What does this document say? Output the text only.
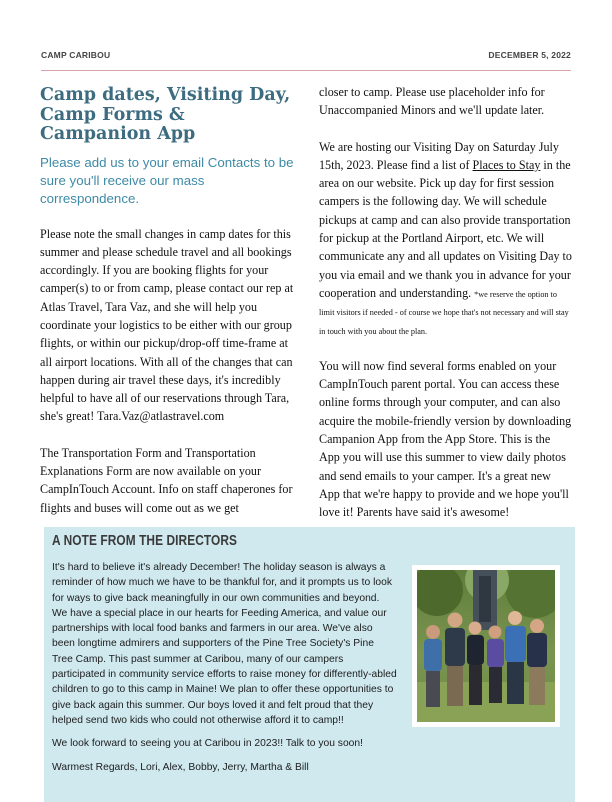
CAMP CARIBOU	DECEMBER 5, 2022
Camp dates, Visiting Day, Camp Forms & Campanion App

Please add us to your email Contacts to be sure you'll receive our mass correspondence.

Please note the small changes in camp dates for this summer and please schedule travel and all bookings accordingly. If you are booking flights for your camper(s) to or from camp, please contact our rep at Atlas Travel, Tara Vaz, and she will help you coordinate your logistics to be either with our group flights, or within our pickup/drop-off time-frame at all airport locations. With all of the changes that can happen during air travel these days, it's incredibly helpful to have all of our reservations through Tara, she's great! Tara.Vaz@atlastravel.com

The Transportation Form and Transportation Explanations Form are now available on your CampInTouch Account. Info on staff chaperones for flights and buses will come out as we get

closer to camp. Please use placeholder info for Unaccompanied Minors and we'll update later.

We are hosting our Visiting Day on Saturday July 15th, 2023. Please find a list of Places to Stay in the area on our website. Pick up day for first session campers is the following day. We will schedule pickups at camp and can also provide transportation for pickup at the Portland Airport, etc. We will communicate any and all updates on Visiting Day to you via email and we thank you in advance for your cooperation and understanding. *we reserve the option to limit visitors if needed - of course we hope that's not necessary and will stay in touch with you about the plan.

You will now find several forms enabled on your CampInTouch parent portal. You can access these online forms through your computer, and can also acquire the mobile-friendly version by downloading Campanion App from the App Store. This is the App you will use this summer to view daily photos and send emails to your camper. It's a great new App that we're happy to provide and we hope you'll love it! Parents have said it's awesome!

A NOTE FROM THE DIRECTORS

It's hard to believe it's already December! The holiday season is always a reminder of how much we have to be thankful for, and it prompts us to look for ways to give back meaningfully in our own communities and beyond. We have a special place in our hearts for Feeding America, and value our partnerships with local food banks and farmers in our area. We've also been longtime admirers and supporters of the Pine Tree Society's Pine Tree Camp. This past summer at Caribou, many of our campers participated in community service efforts to raise money for differently-abled children to go to this camp in Maine! We plan to offer these opportunities to give back again this summer. Our boys loved it and felt proud that they helped send two kids who could not otherwise afford it to camp!!

We look forward to seeing you at Caribou in 2023!! Talk to you soon!

Warmest Regards, Lori, Alex, Bobby, Jerry, Martha & Bill
